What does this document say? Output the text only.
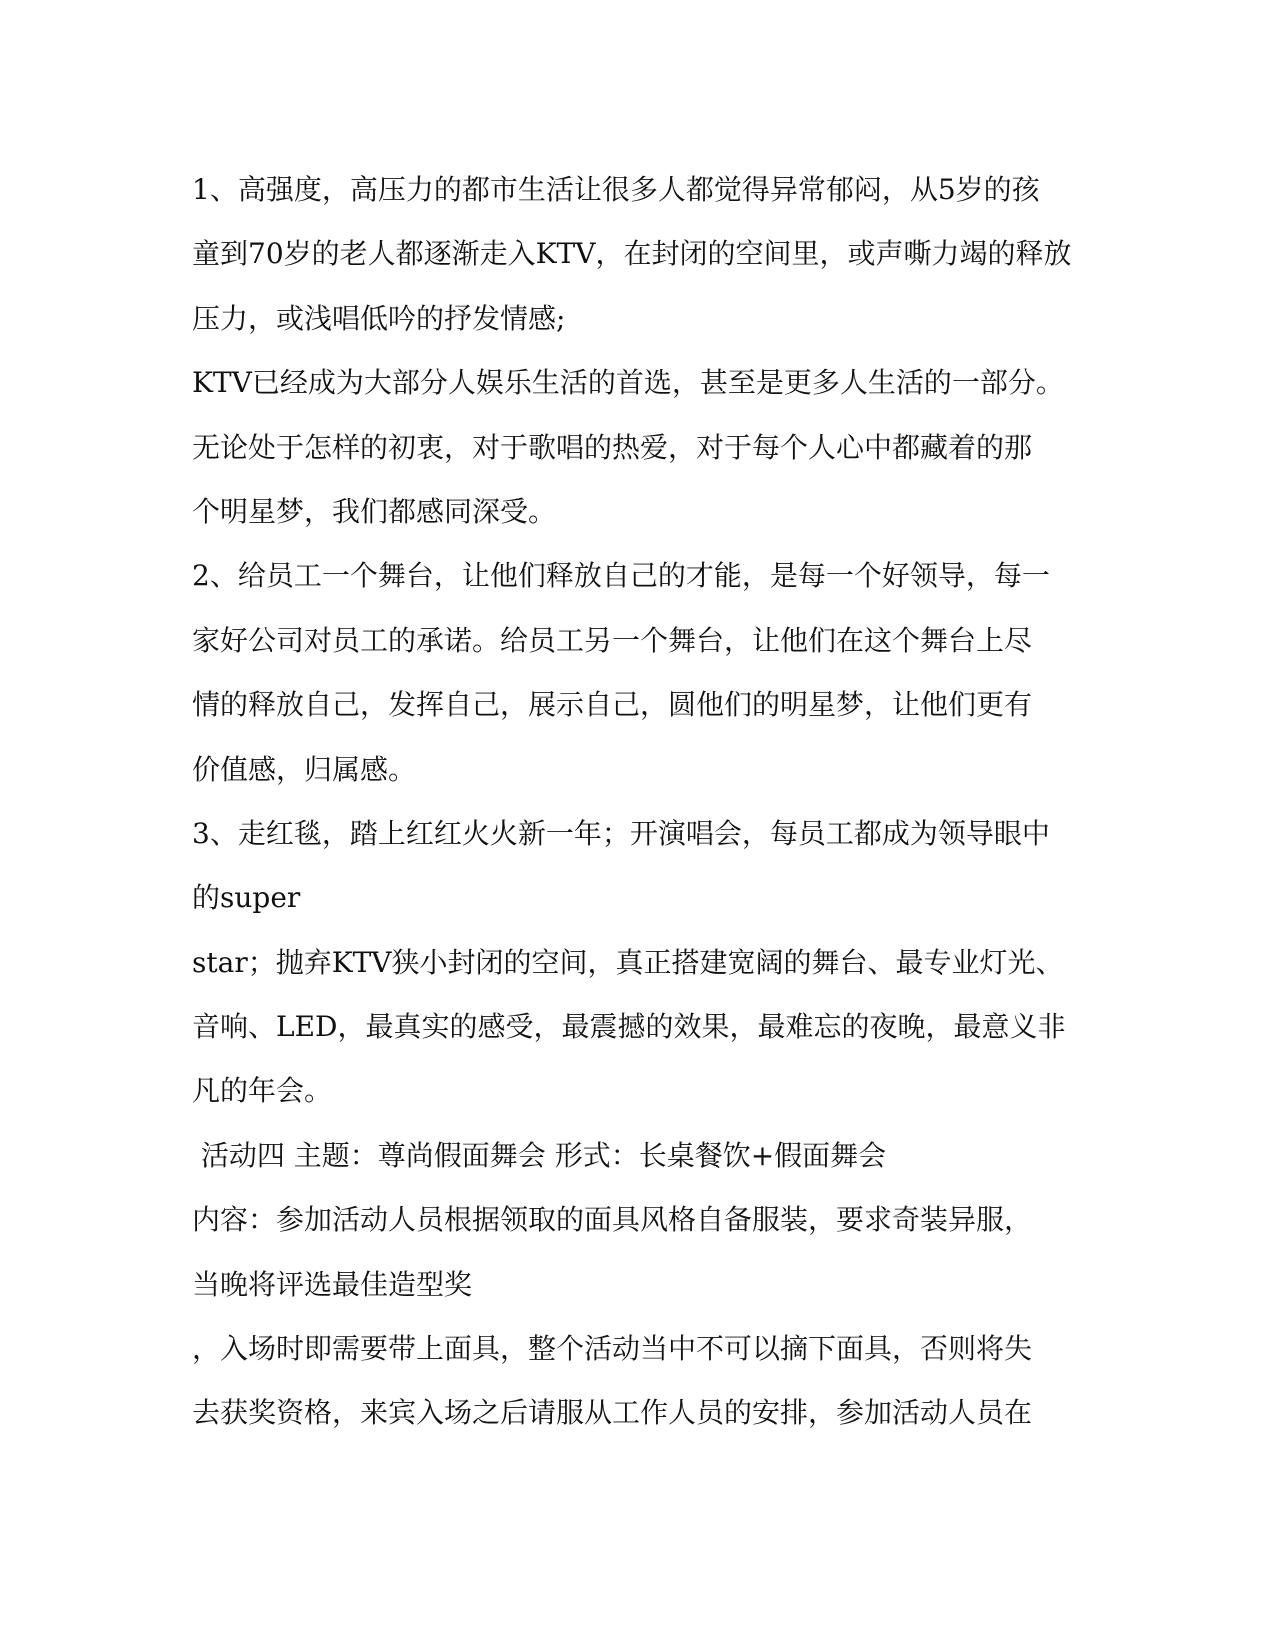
1、高强度，高压力的都市生活让很多人都觉得异常郁闷，从5岁的孩
童到70岁的老人都逐渐走入KTV，在封闭的空间里，或声嘶力竭的释放
压力，或浅唱低吟的抒发情感;
KTV已经成为大部分人娱乐生活的首选，甚至是更多人生活的一部分。
无论处于怎样的初衷，对于歌唱的热爱，对于每个人心中都藏着的那
个明星梦，我们都感同深受。
2、给员工一个舞台，让他们释放自己的才能，是每一个好领导，每一
家好公司对员工的承诺。给员工另一个舞台，让他们在这个舞台上尽
情的释放自己，发挥自己，展示自己，圆他们的明星梦，让他们更有
价值感，归属感。
3、走红毯，踏上红红火火新一年；开演唱会，每员工都成为领导眼中
的super
star；抛弃KTV狭小封闭的空间，真正搭建宽阔的舞台、最专业灯光、
音响、LED，最真实的感受，最震撼的效果，最难忘的夜晚，最意义非
凡的年会。
活动四 主题：尊尚假面舞会 形式：长桌餐饮+假面舞会
内容：参加活动人员根据领取的面具风格自备服装，要求奇装异服，
当晚将评选最佳造型奖
，入场时即需要带上面具，整个活动当中不可以摘下面具，否则将失
去获奖资格，来宾入场之后请服从工作人员的安排，参加活动人员在
